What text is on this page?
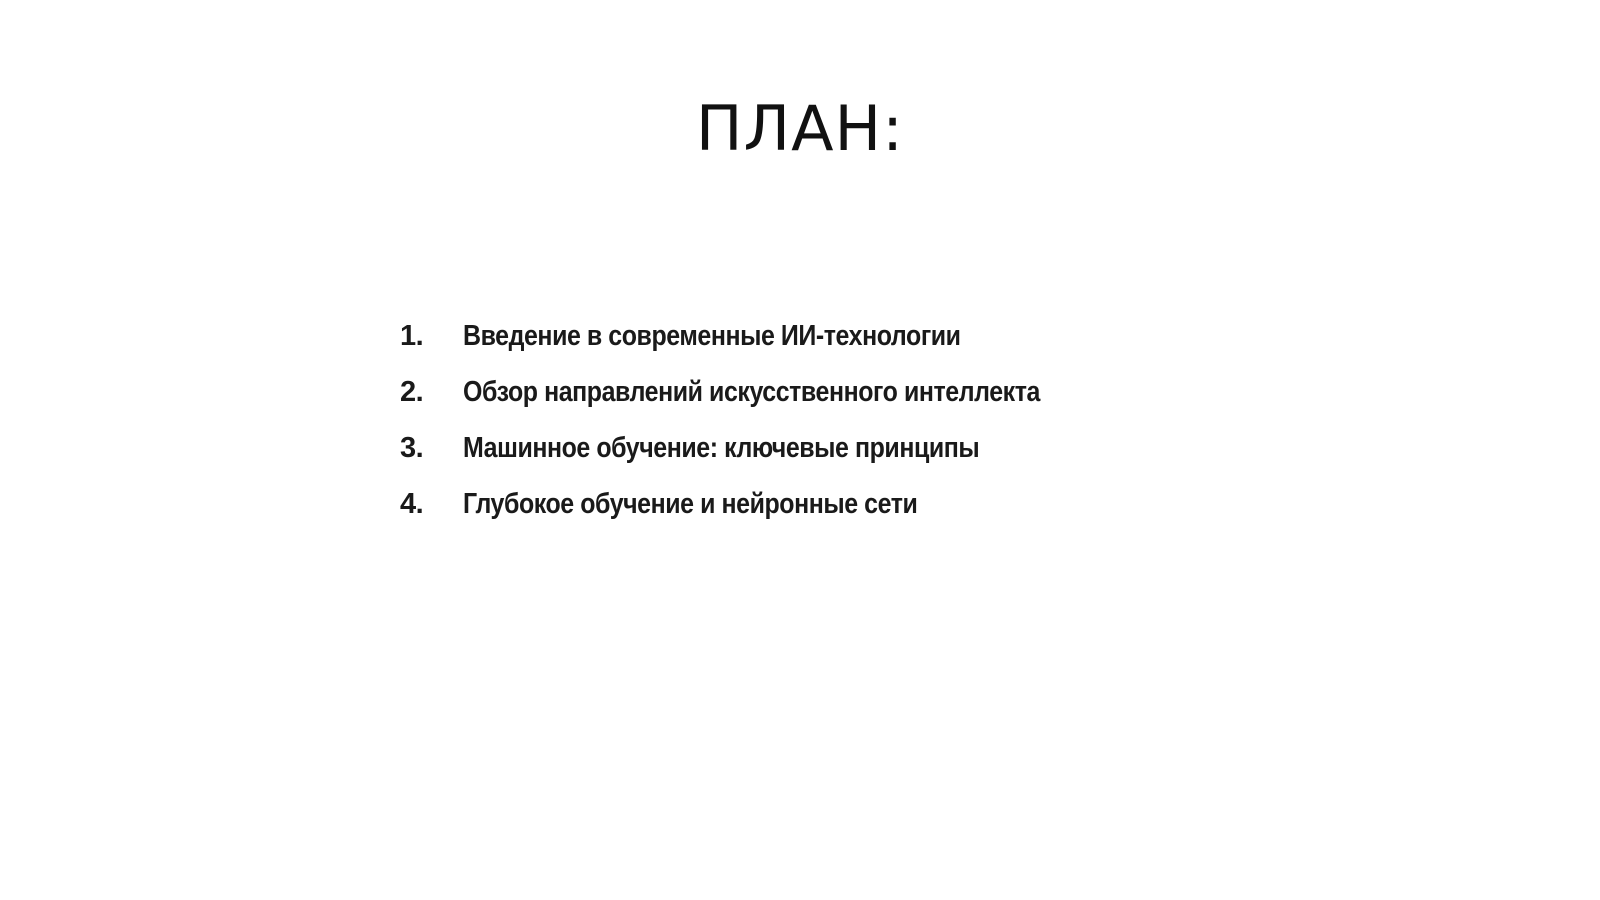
ПЛАН:
1.	Введение в современные ИИ-технологии
2.	Обзор направлений искусственного интеллекта
3.	Машинное обучение: ключевые принципы
4.	Глубокое обучение и нейронные сети
